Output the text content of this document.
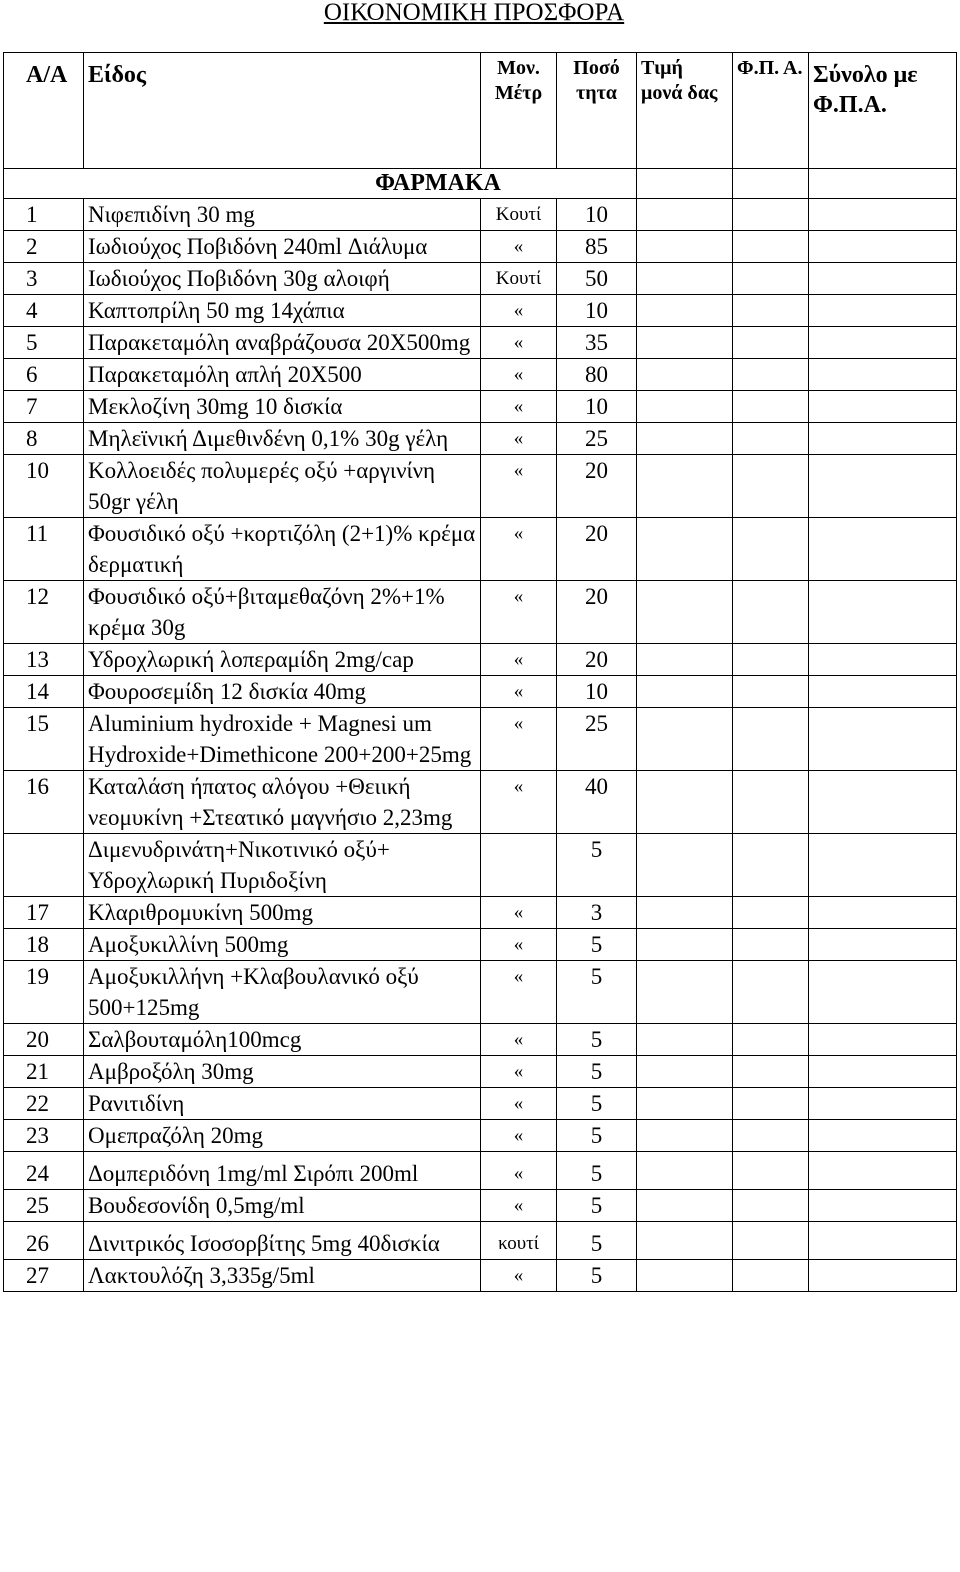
ΟΙΚΟΝΟΜΙΚΗ ΠΡΟΣΦΟΡΑ
Α/Α	Είδος	Μον. Μέτρ	Ποσό τητα	Τιμή μονά δας	Φ.Π. Α.	Σύνολο με Φ.Π.Α.
ΦΑΡΜΑΚΑ						
1	Νιφεπιδίνη 30 mg	Κουτί	10			
2	Ιωδιούχος Ποβιδόνη 240ml Διάλυμα	«	85			
3	Ιωδιούχος Ποβιδόνη 30g αλοιφή	Κουτί	50			
4	Καπτοπρίλη 50 mg 14χάπια	«	10			
5	Παρακεταμόλη αναβράζουσα 20Χ500mg	«	35			
6	Παρακεταμόλη απλή 20Χ500	«	80			
7	Μεκλοζίνη 30mg 10 δισκία	«	10			
8	Μηλεϊνική Διμεθινδένη 0,1% 30g γέλη	«	25			
10	Κολλοειδές πολυμερές οξύ +αργινίνη 50gr γέλη	«	20			
11	Φουσιδικό οξύ +κορτιζόλη (2+1)% κρέμα δερματική	«	20			
12	Φουσιδικό οξύ+βιταμεθαζόνη 2%+1% κρέμα 30g	«	20			
13	Υδροχλωρική λοπεραμίδη 2mg/cap	«	20			
14	Φουροσεμίδη 12 δισκία 40mg	«	10			
15	Aluminium hydroxide + Magnesi um Hydroxide+Dimethicone 200+200+25mg	«	25			
16	Καταλάση ήπατος αλόγου +Θειική νεομυκίνη +Στεατικό μαγνήσιο 2,23mg	«	40			
	Διμενυδρινάτη+Νικοτινικό οξύ+ Υδροχλωρική Πυριδοξίνη		5			
17	Κλαριθρομυκίνη 500mg	«	3			
18	Αμοξυκιλλίνη 500mg	«	5			
19	Αμοξυκιλλήνη +Κλαβουλανικό οξύ 500+125mg	«	5			
20	Σαλβουταμόλη100mcg	«	5			
21	Αμβροξόλη 30mg	«	5			
22	Ρανιτιδίνη	«	5			
23	Ομεπραζόλη 20mg	«	5			
24	Δομπεριδόνη 1mg/ml Σιρόπι 200ml	«	5			
25	Βουδεσονίδη 0,5mg/ml	«	5			
26	Δινιτρικός Ισοσορβίτης 5mg 40δισκία	κουτί	5			
27	Λακτουλόζη 3,335g/5ml	«	5			
